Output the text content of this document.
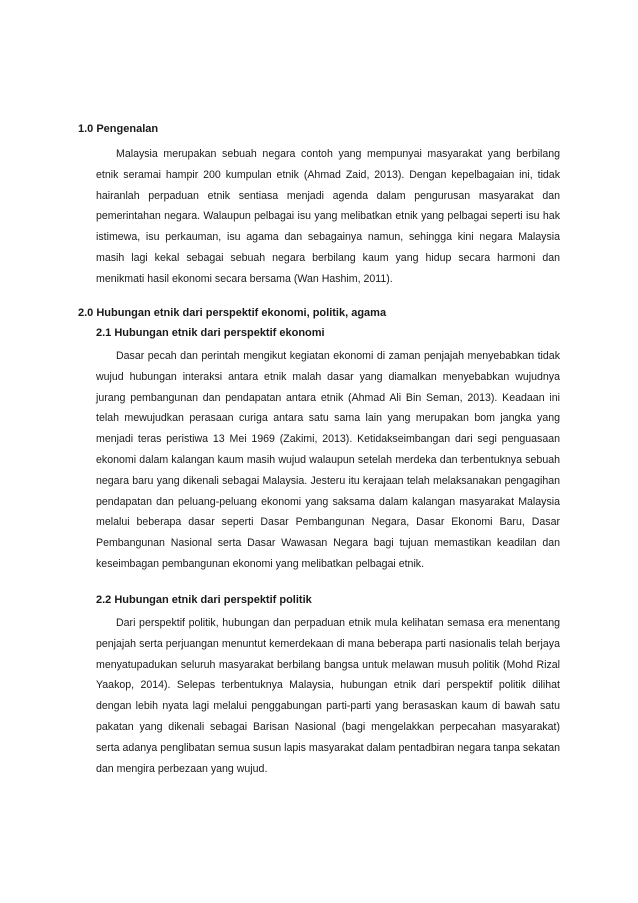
1.0 Pengenalan

Malaysia merupakan sebuah negara contoh yang mempunyai masyarakat yang berbilang etnik seramai hampir 200 kumpulan etnik (Ahmad Zaid, 2013). Dengan kepelbagaian ini, tidak hairanlah perpaduan etnik sentiasa menjadi agenda dalam pengurusan masyarakat dan pemerintahan negara. Walaupun pelbagai isu yang melibatkan etnik yang pelbagai seperti isu hak istimewa, isu perkauman, isu agama dan sebagainya namun, sehingga kini negara Malaysia masih lagi kekal sebagai sebuah negara berbilang kaum yang hidup secara harmoni dan menikmati hasil ekonomi secara bersama (Wan Hashim, 2011).

2.0 Hubungan etnik dari perspektif ekonomi, politik, agama
2.1 Hubungan etnik dari perspektif ekonomi

Dasar pecah dan perintah mengikut kegiatan ekonomi di zaman penjajah menyebabkan tidak wujud hubungan interaksi antara etnik malah dasar yang diamalkan menyebabkan wujudnya jurang pembangunan dan pendapatan antara etnik (Ahmad Ali Bin Seman, 2013). Keadaan ini telah mewujudkan perasaan curiga antara satu sama lain yang merupakan bom jangka yang menjadi teras peristiwa 13 Mei 1969 (Zakimi, 2013). Ketidakseimbangan dari segi penguasaan ekonomi dalam kalangan kaum masih wujud walaupun setelah merdeka dan terbentuknya sebuah negara baru yang dikenali sebagai Malaysia. Jesteru itu kerajaan telah melaksanakan pengagihan pendapatan dan peluang-peluang ekonomi yang saksama dalam kalangan masyarakat Malaysia melalui beberapa dasar seperti Dasar Pembangunan Negara, Dasar Ekonomi Baru, Dasar Pembangunan Nasional serta Dasar Wawasan Negara bagi tujuan memastikan keadilan dan keseimbagan pembangunan ekonomi yang melibatkan pelbagai etnik.

2.2 Hubungan etnik dari perspektif politik

Dari perspektif politik, hubungan dan perpaduan etnik mula kelihatan semasa era menentang penjajah serta perjuangan menuntut kemerdekaan di mana beberapa parti nasionalis telah berjaya menyatupadukan seluruh masyarakat berbilang bangsa untuk melawan musuh politik (Mohd Rizal Yaakop, 2014). Selepas terbentuknya Malaysia, hubungan etnik dari perspektif politik dilihat dengan lebih nyata lagi melalui penggabungan parti-parti yang berasaskan kaum di bawah satu pakatan yang dikenali sebagai Barisan Nasional (bagi mengelakkan perpecahan masyarakat) serta adanya penglibatan semua susun lapis masyarakat dalam pentadbiran negara tanpa sekatan dan mengira perbezaan yang wujud.
